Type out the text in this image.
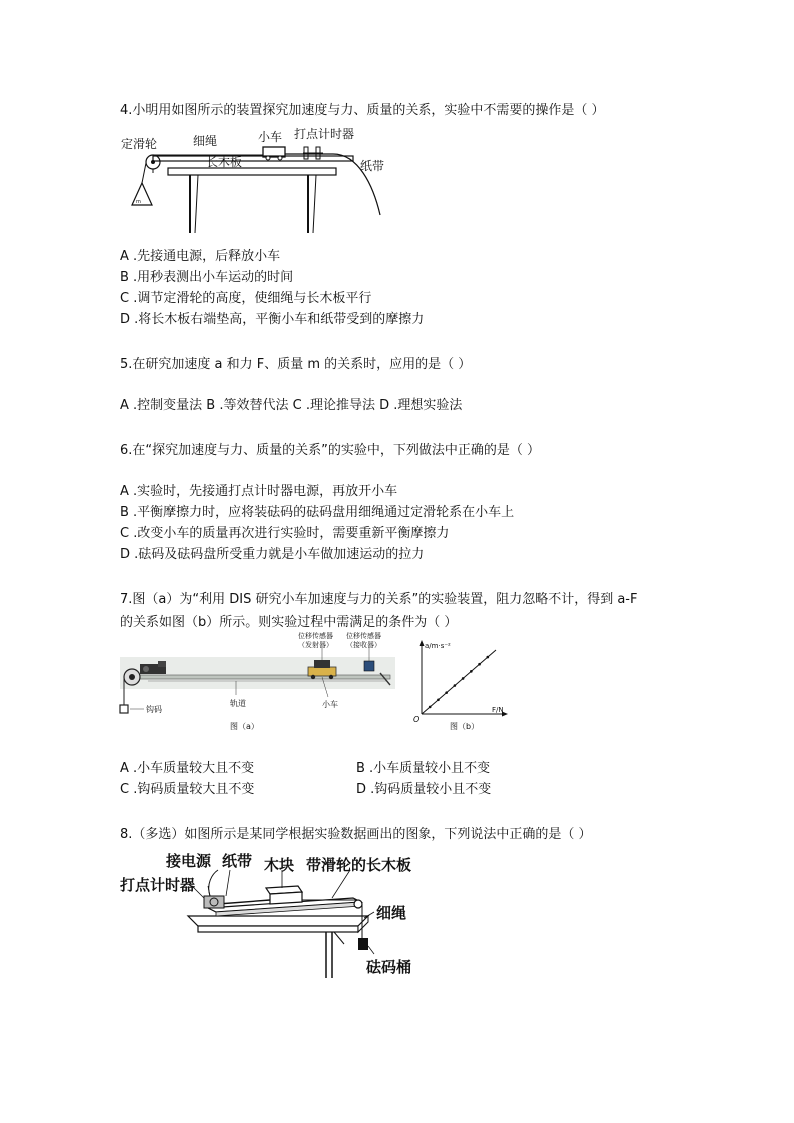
4.小明用如图所示的装置探究加速度与力、质量的关系，实验中不需要的操作是（ ）
m
定滑轮	细绳	小车 打点计时器
长木板	纸带
A .先接通电源，后释放小车
B .用秒表测出小车运动的时间
C .调节定滑轮的高度，使细绳与长木板平行
D .将长木板右端垫高，平衡小车和纸带受到的摩擦力
5.在研究加速度 a 和力 F、质量 m 的关系时，应用的是（ ）
A .控制变量法 B .等效替代法 C .理论推导法 D .理想实验法
6.在“探究加速度与力、质量的关系”的实验中，下列做法中正确的是（ ）
A .实验时，先接通打点计时器电源，再放开小车
B .平衡摩擦力时，应将装砝码的砝码盘用细绳通过定滑轮系在小车上
C .改变小车的质量再次进行实验时，需要重新平衡摩擦力
D .砝码及砝码盘所受重力就是小车做加速运动的拉力
7.图（a）为“利用 DIS 研究小车加速度与力的关系”的实验装置，阻力忽略不计，得到 a-F
的关系如图（b）所示。则实验过程中需满足的条件为（ ）
位移传感器
（发射器）
位移传感器
（接收器）
轨道
钩码
小车
图（a）
a/m·s⁻²
F/N
O
图（b）
A .小车质量较大且不变	B .小车质量较小且不变
C .钩码质量较大且不变	D .钩码质量较小且不变
8.（多选）如图所示是某同学根据实验数据画出的图象，下列说法中正确的是（ ）
接电源 纸带 木块 带滑轮的长木板
打点计时器
细绳
砝码桶
